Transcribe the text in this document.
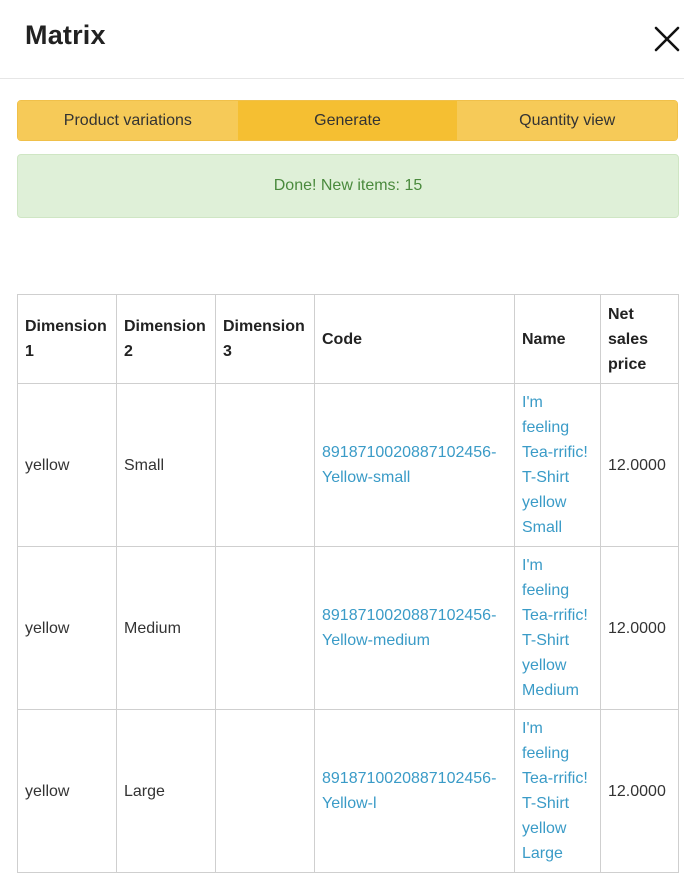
Matrix
Product variations	Generate	Quantity view
Done! New items: 15
Dimension 1	Dimension 2	Dimension 3	Code	Name	Net sales price
yellow	Small		8918710020887102456-Yellow-small	I'm feeling Tea-rrific! T-Shirt yellow Small	12.0000
yellow	Medium		8918710020887102456-Yellow-medium	I'm feeling Tea-rrific! T-Shirt yellow Medium	12.0000
yellow	Large		8918710020887102456-Yellow-l	I'm feeling Tea-rrific! T-Shirt yellow Large	12.0000
